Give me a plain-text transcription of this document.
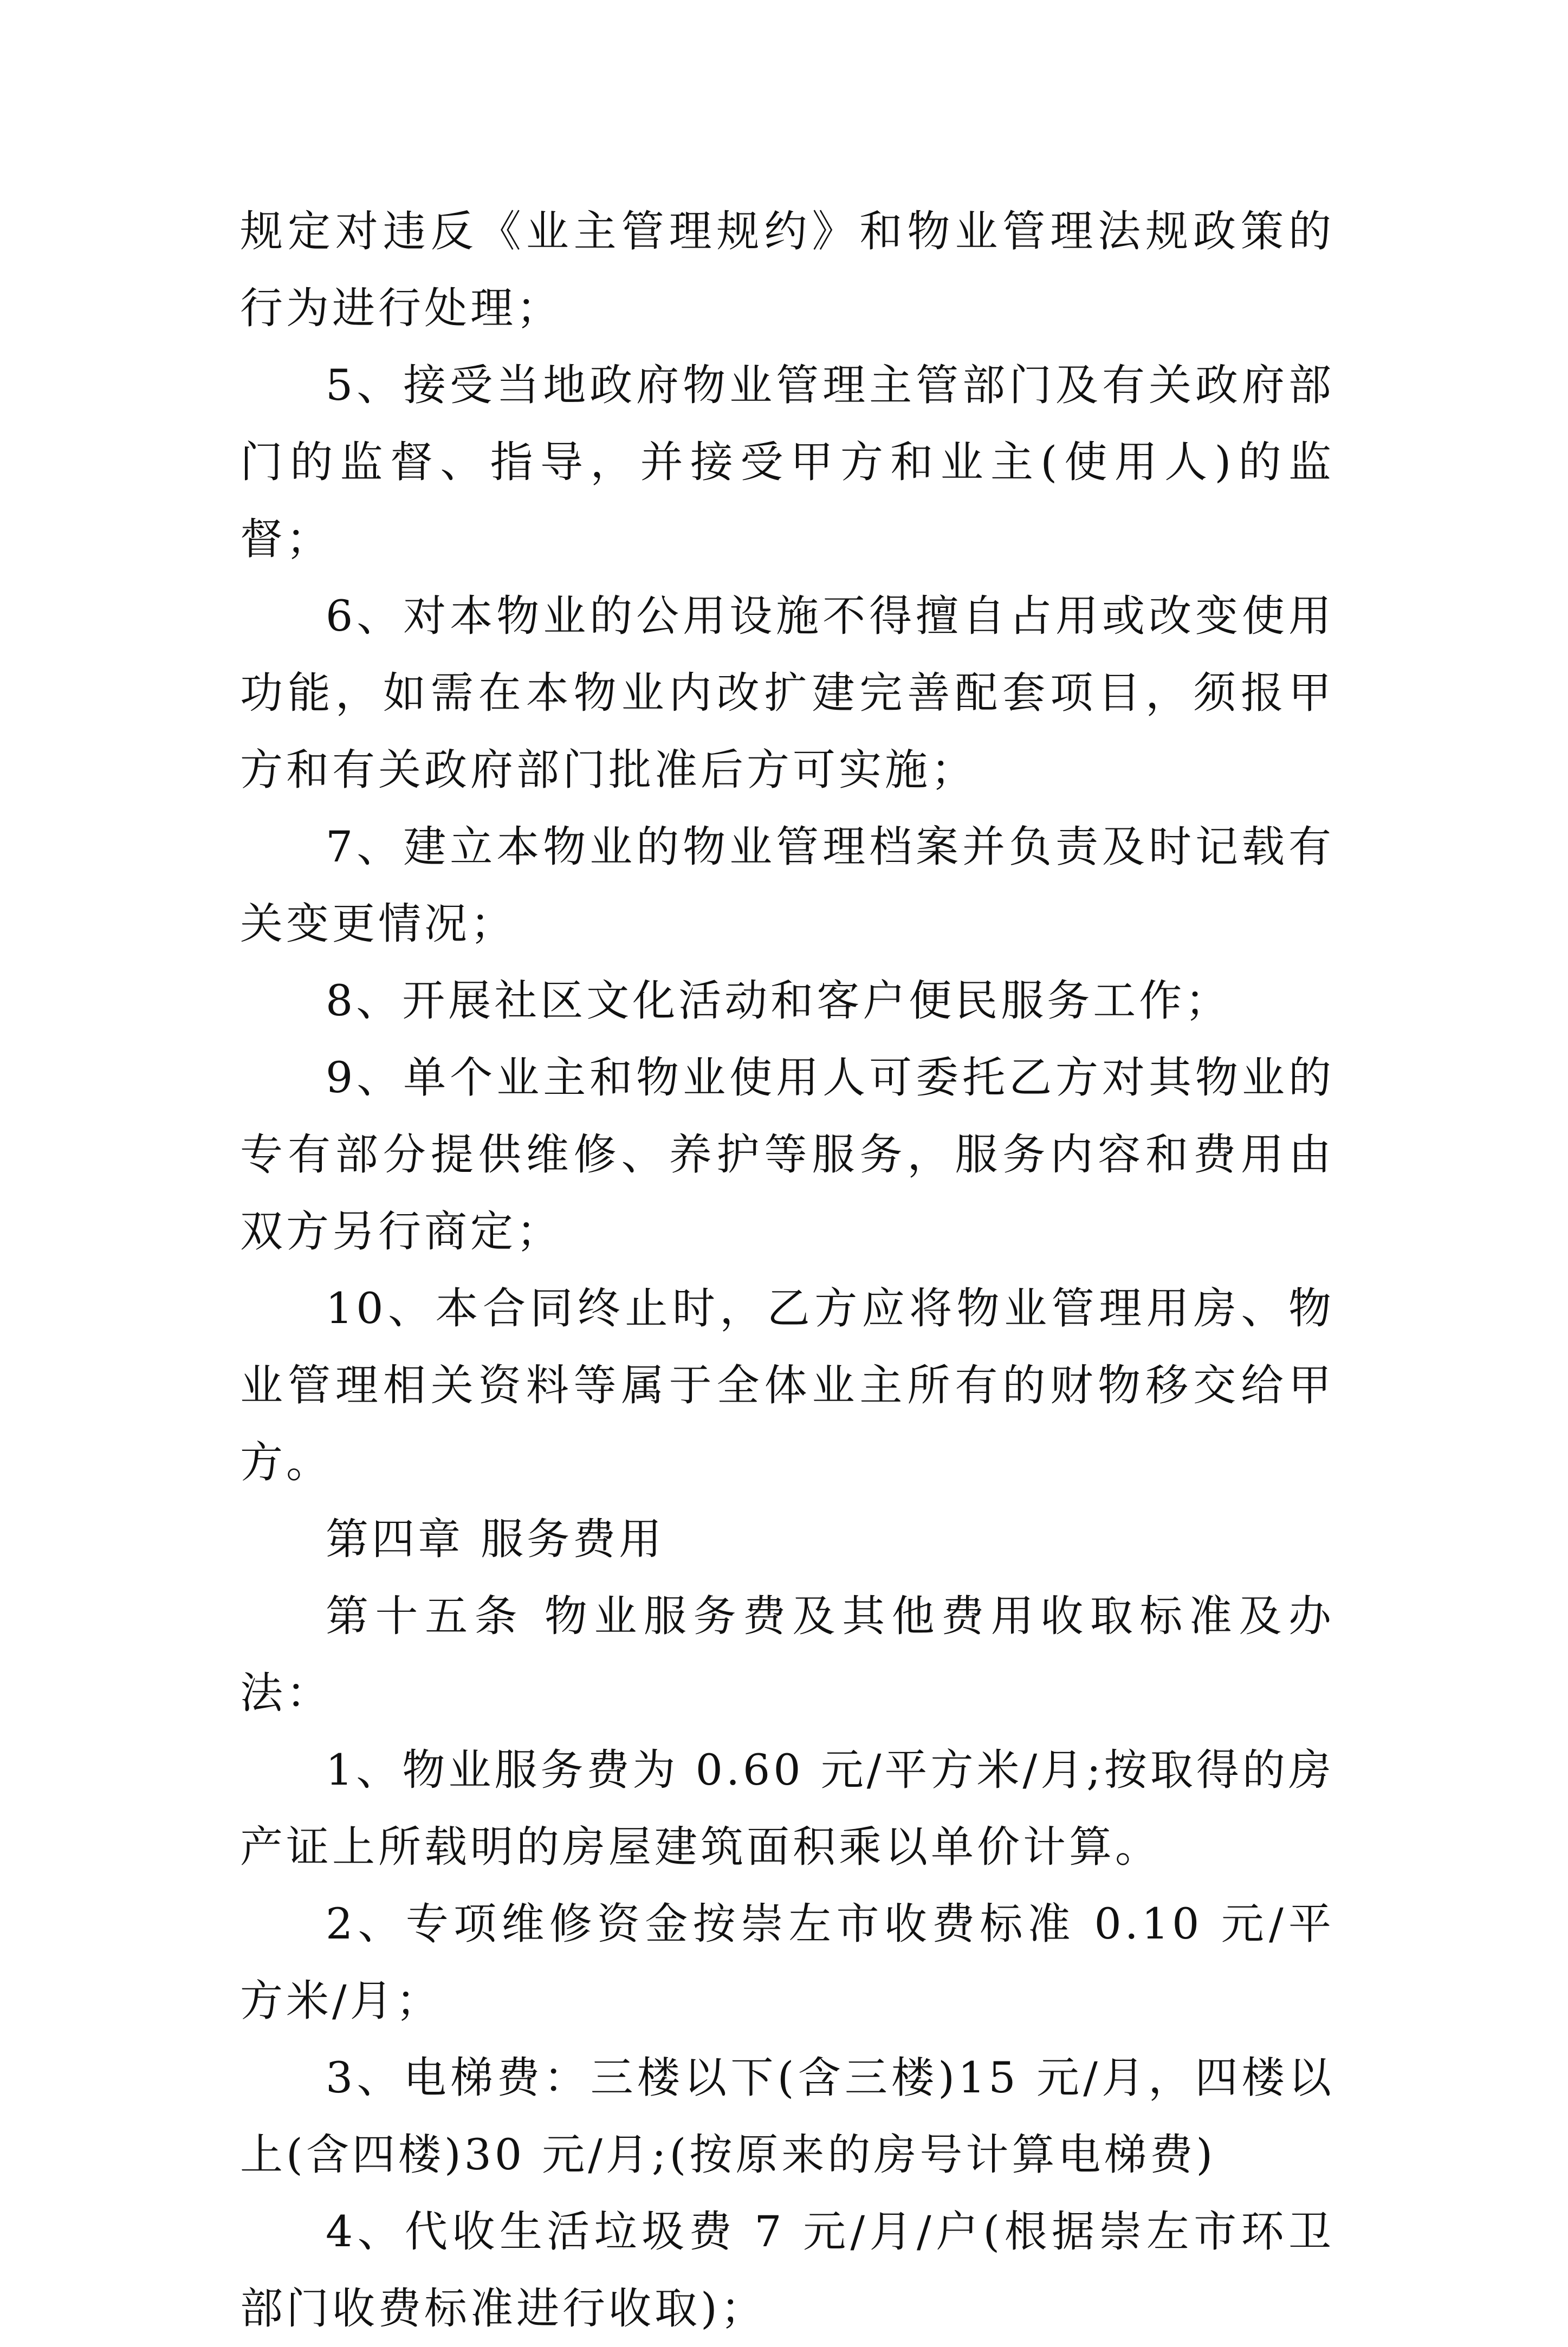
规定对违反《业主管理规约》和物业管理法规政策的行为进行处理；

5、接受当地政府物业管理主管部门及有关政府部门的监督、指导，并接受甲方和业主(使用人)的监督；

6、对本物业的公用设施不得擅自占用或改变使用功能，如需在本物业内改扩建完善配套项目，须报甲方和有关政府部门批准后方可实施；

7、建立本物业的物业管理档案并负责及时记载有关变更情况；

8、开展社区文化活动和客户便民服务工作；

9、单个业主和物业使用人可委托乙方对其物业的专有部分提供维修、养护等服务，服务内容和费用由双方另行商定；

10、本合同终止时，乙方应将物业管理用房、物业管理相关资料等属于全体业主所有的财物移交给甲方。

第四章 服务费用

第十五条 物业服务费及其他费用收取标准及办法：

1、物业服务费为 0.60 元/平方米/月;按取得的房产证上所载明的房屋建筑面积乘以单价计算。

2、专项维修资金按崇左市收费标准 0.10 元/平方米/月；

3、电梯费：三楼以下(含三楼)15 元/月，四楼以上(含四楼)30 元/月;(按原来的房号计算电梯费)

4、代收生活垃圾费 7 元/月/户(根据崇左市环卫部门收费标准进行收取)；
